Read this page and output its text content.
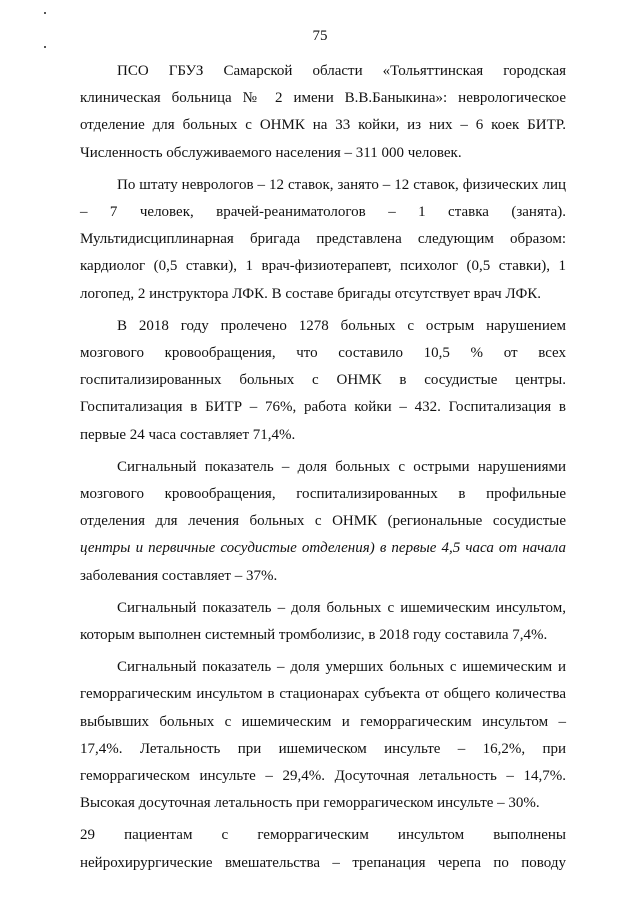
75

ПСО ГБУЗ Самарской области «Тольяттинская городская клиническая больница № 2 имени В.В.Баныкина»: неврологическое отделение для больных с ОНМК на 33 койки, из них – 6 коек БИТР. Численность обслуживаемого населения – 311 000 человек.

По штату неврологов – 12 ставок, занято – 12 ставок, физических лиц – 7 человек, врачей-реаниматологов – 1 ставка (занята). Мультидисциплинарная бригада представлена следующим образом: кардиолог (0,5 ставки), 1 врач-физиотерапевт, психолог (0,5 ставки), 1 логопед, 2 инструктора ЛФК. В составе бригады отсутствует врач ЛФК.

В 2018 году пролечено 1278 больных с острым нарушением мозгового кровообращения, что составило 10,5 % от всех госпитализированных больных с ОНМК в сосудистые центры. Госпитализация в БИТР – 76%, работа койки – 432. Госпитализация в первые 24 часа составляет 71,4%.

Сигнальный показатель – доля больных с острыми нарушениями мозгового кровообращения, госпитализированных в профильные отделения для лечения больных с ОНМК (региональные сосудистые центры и первичные сосудистые отделения) в первые 4,5 часа от начала заболевания составляет – 37%.

Сигнальный показатель – доля больных с ишемическим инсультом, которым выполнен системный тромболизис, в 2018 году составила 7,4%.

Сигнальный показатель – доля умерших больных с ишемическим и геморрагическим инсультом в стационарах субъекта от общего количества выбывших больных с ишемическим и геморрагическим инсультом – 17,4%. Летальность при ишемическом инсульте – 16,2%, при геморрагическом инсульте – 29,4%. Досуточная летальность – 14,7%. Высокая досуточная летальность при геморрагическом инсульте – 30%.

29 пациентам с геморрагическим инсультом выполнены нейрохирургические вмешательства – трепанация черепа по поводу
